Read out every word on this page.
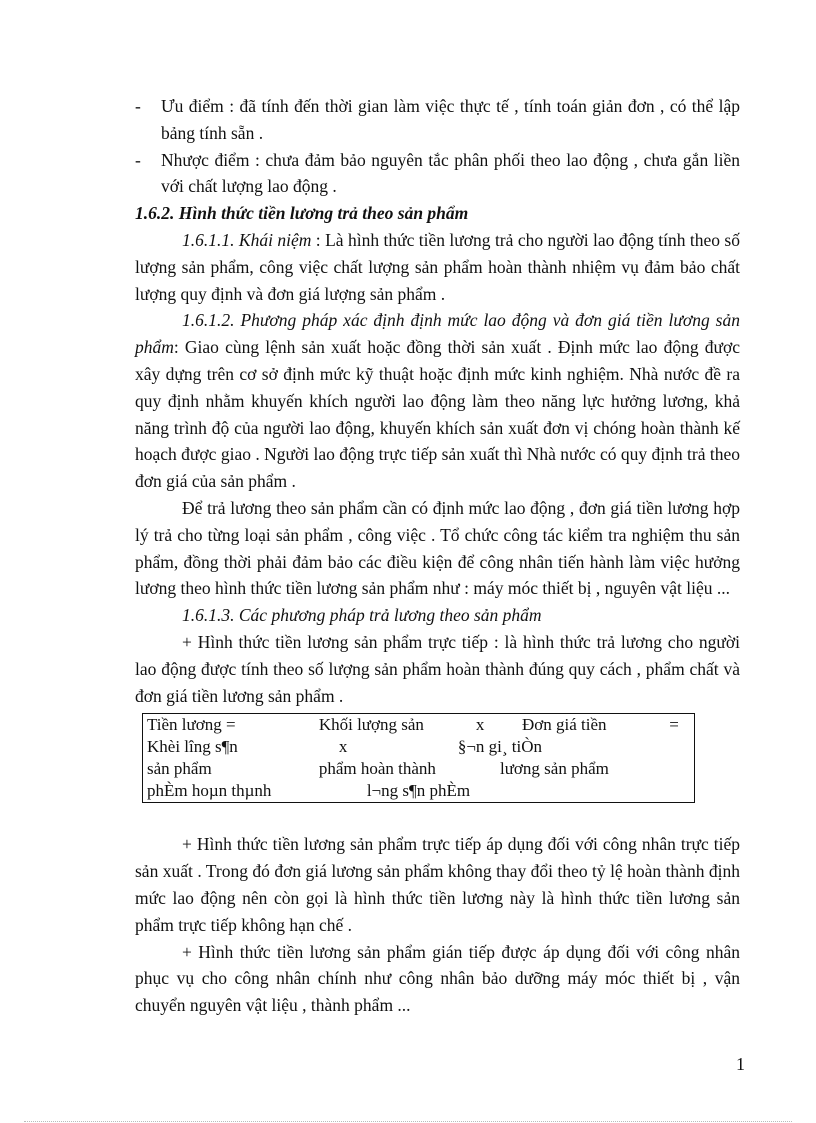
-	Ưu điểm : đã tính đến thời gian làm việc thực tế , tính toán giản đơn , có thể lập bảng tính sẵn .
-	Nhược điểm : chưa đảm bảo nguyên tắc phân phối theo lao động , chưa gắn liền với chất lượng lao động .

1.6.2. Hình thức tiền lương trả theo sản phẩm

1.6.1.1. Khái niệm : Là hình thức tiền lương trả cho người lao động tính theo số lượng sản phẩm, công việc chất lượng sản phẩm hoàn thành nhiệm vụ đảm bảo chất lượng quy định và đơn giá lượng sản phẩm .

1.6.1.2. Phương pháp xác định định mức lao động và đơn giá tiền lương sản phẩm: Giao cùng lệnh sản xuất hoặc đồng thời sản xuất . Định mức lao động được xây dựng trên cơ sở định mức kỹ thuật hoặc định mức kinh nghiệm. Nhà nước đề ra quy định nhằm khuyến khích người lao động làm theo năng lực hưởng lương, khả năng trình độ của người lao động, khuyến khích sản xuất đơn vị chóng hoàn thành kế hoạch được giao . Người lao động trực tiếp sản xuất thì Nhà nước có quy định trả theo đơn giá của sản phẩm .

Để trả lương theo sản phẩm cần có định mức lao động , đơn giá tiền lương hợp lý trả cho từng loại sản phẩm , công việc . Tổ chức công tác kiểm tra nghiệm thu sản phẩm, đồng thời phải đảm bảo các điều kiện để công nhân tiến hành làm việc hưởng lương theo hình thức tiền lương sản phẩm như : máy móc thiết bị , nguyên vật liệu ...

1.6.1.3. Các phương pháp trả lương theo sản phẩm

+ Hình thức tiền lương sản phẩm trực tiếp : là hình thức trả lương cho người lao động được tính theo số lượng sản phẩm hoàn thành đúng quy cách , phẩm chất và đơn giá tiền lương sản phẩm .

Tiền lương =	Khối lượng sản	x	Đơn giá tiền	=
Khèi lîng s¶n	x	§¬n gi¸ tiÒn		
sản phẩm	phẩm hoàn thành		lương sản phẩm	
phÈm hoµn thµnh	l¬ng s¶n phÈm			

+ Hình thức tiền lương sản phẩm trực tiếp áp dụng đối với công nhân trực tiếp sản xuất . Trong đó đơn giá lương sản phẩm không thay đổi theo tỷ lệ hoàn thành định mức lao động nên còn gọi là hình thức tiền lương này là hình thức tiền lương sản phẩm trực tiếp không hạn chế .

+ Hình thức tiền lương sản phẩm gián tiếp được áp dụng đối với công nhân phục vụ cho công nhân chính như công nhân bảo dưỡng máy móc thiết bị , vận chuyển nguyên vật liệu , thành phẩm ...

1
